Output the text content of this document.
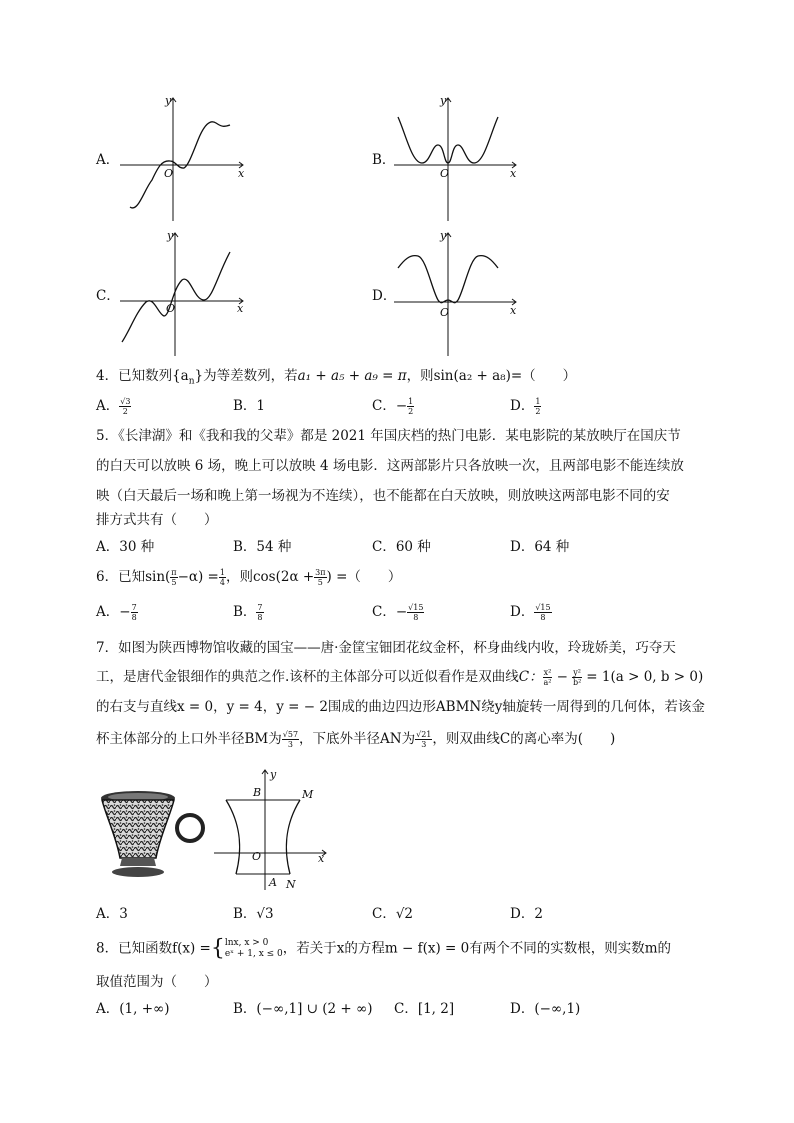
A．
x
y
O
B．
x
y
O
C．
x
y
O
D．
x
y
O
4．已知数列$\{a_n\}$为等差数列，若a₁ + a₅ + a₉ = π，则sin(a₂ + a₈)=（　　）
A． $\frac{√3}{2}$	B．1	C．− $\frac{1}{2}$	D． $\frac{1}{2}$
5．《长津湖》和《我和我的父辈》都是 2021 年国庆档的热门电影．某电影院的某放映厅在国庆节
的白天可以放映 6 场，晚上可以放映 4 场电影．这两部影片只各放映一次，且两部电影不能连续放
映（白天最后一场和晚上第一场视为不连续），也不能都在白天放映，则放映这两部电影不同的安
排方式共有（　　）
A．30 种	B．54 种	C．60 种	D．64 种
6．已知$\sin( \frac{\pi}{5} -\alpha) = \frac{1}{4}$ ，则$\cos(2\alpha + \frac{3\pi}{5}$ ) =（　　）
A．− $\frac{7}{8}$	B． $\frac{7}{8}$	C．− $\frac{√15}{8}$	D． $\frac{√15}{8}$
7．如图为陕西博物馆收藏的国宝——唐·金筐宝钿团花纹金杯，杯身曲线内收，玲珑娇美，巧夺天
工，是唐代金银细作的典范之作.该杯的主体部分可以近似看作是双曲线C： $\frac{\text{x²}}{\text{a²}} - \frac{\text{y²}}{\text{b²}} = 1(a > 0$, b > 0)
的右支与直线x = 0，y = 4，y = − 2围成的曲边四边形ABMN绕y轴旋转一周得到的几何体，若该金
杯主体部分的上口外半径BM为 $\frac{√57}{3}$ ，下底外半径AN为 $\frac{√21}{3}$ ，则双曲线C的离心率为(　　)
y
B	M
O	x
A N
A．3	B．√3	C．√2	D．2
8．已知函数f(x) ={ lnx, x > 0
eˣ + 1, x ≤ 0 ，若关于x的方程m − f(x) = 0有两个不同的实数根，则实数m的
取值范围为（　　）
A．(1, +∞)	B．(−∞,1] ∪ (2 + ∞) C．[1, 2]	D．(−∞,1)
